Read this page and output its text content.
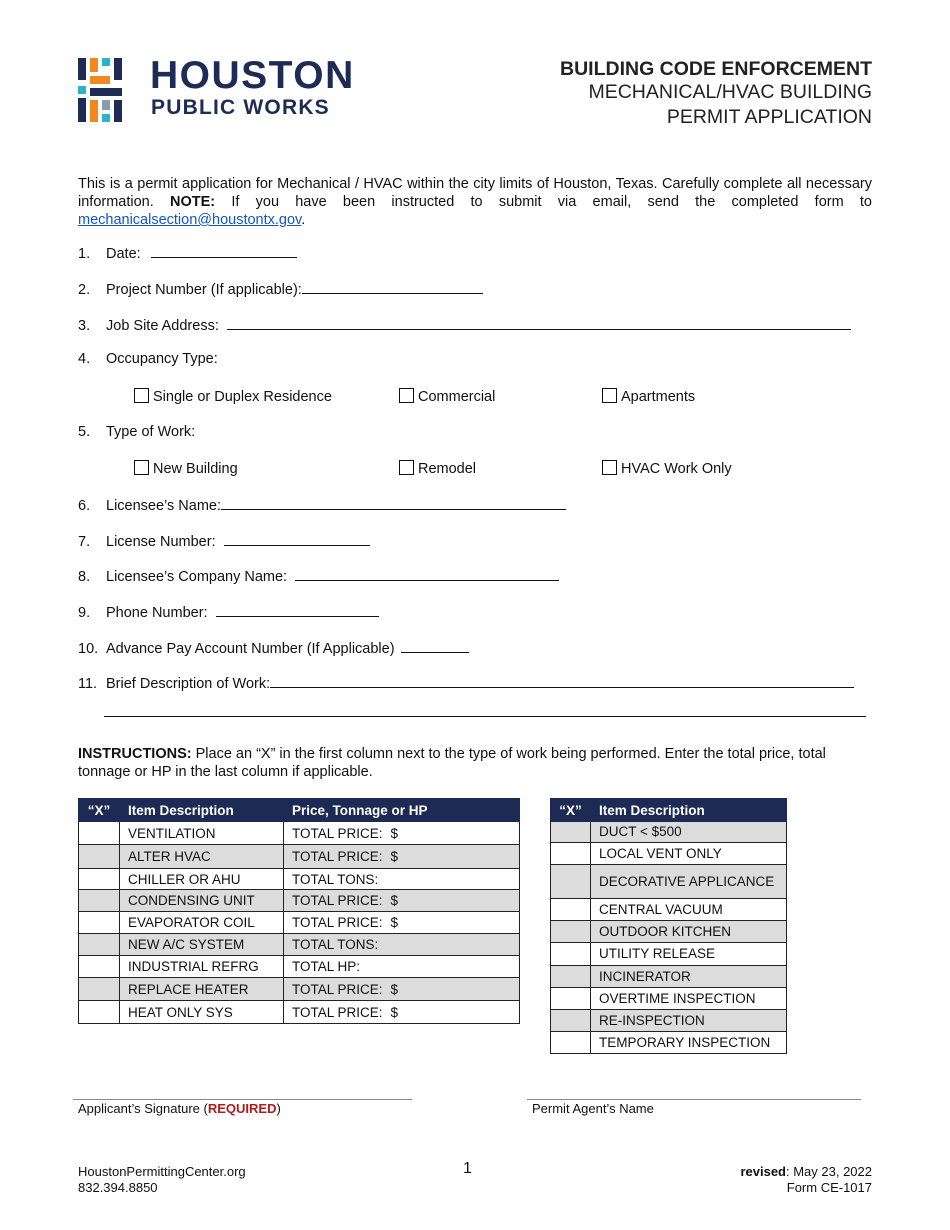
HOUSTON
PUBLIC WORKS
BUILDING CODE ENFORCEMENT
MECHANICAL/HVAC BUILDING
PERMIT APPLICATION
This is a permit application for Mechanical / HVAC within the city limits of Houston, Texas. Carefully complete all necessary information. NOTE: If you have been instructed to submit via email, send the completed form to mechanicalsection@houstontx.gov.
1. Date:
2. Project Number (If applicable):
3. Job Site Address:
4. Occupancy Type:
Single or Duplex Residence	Commercial	Apartments
5. Type of Work:
New Building	Remodel	HVAC Work Only
6. Licensee’s Name:
7. License Number:
8. Licensee’s Company Name:
9. Phone Number:
10. Advance Pay Account Number (If Applicable)
11. Brief Description of Work:
INSTRUCTIONS: Place an “X” in the first column next to the type of work being performed. Enter the total price, total tonnage or HP in the last column if applicable.
“X”	Item Description	Price, Tonnage or HP
	VENTILATION	TOTAL PRICE: $
	ALTER HVAC	TOTAL PRICE: $
	CHILLER OR AHU	TOTAL TONS:
	CONDENSING UNIT	TOTAL PRICE: $
	EVAPORATOR COIL	TOTAL PRICE: $
	NEW A/C SYSTEM	TOTAL TONS:
	INDUSTRIAL REFRG	TOTAL HP:
	REPLACE HEATER	TOTAL PRICE: $
	HEAT ONLY SYS	TOTAL PRICE: $
“X”	Item Description
	DUCT < $500
	LOCAL VENT ONLY
	DECORATIVE APPLICANCE
	CENTRAL VACUUM
	OUTDOOR KITCHEN
	UTILITY RELEASE
	INCINERATOR
	OVERTIME INSPECTION
	RE-INSPECTION
	TEMPORARY INSPECTION
Applicant’s Signature (REQUIRED)	Permit Agent’s Name
HoustonPermittingCenter.org
832.394.8850
1	revised: May 23, 2022
Form CE-1017
